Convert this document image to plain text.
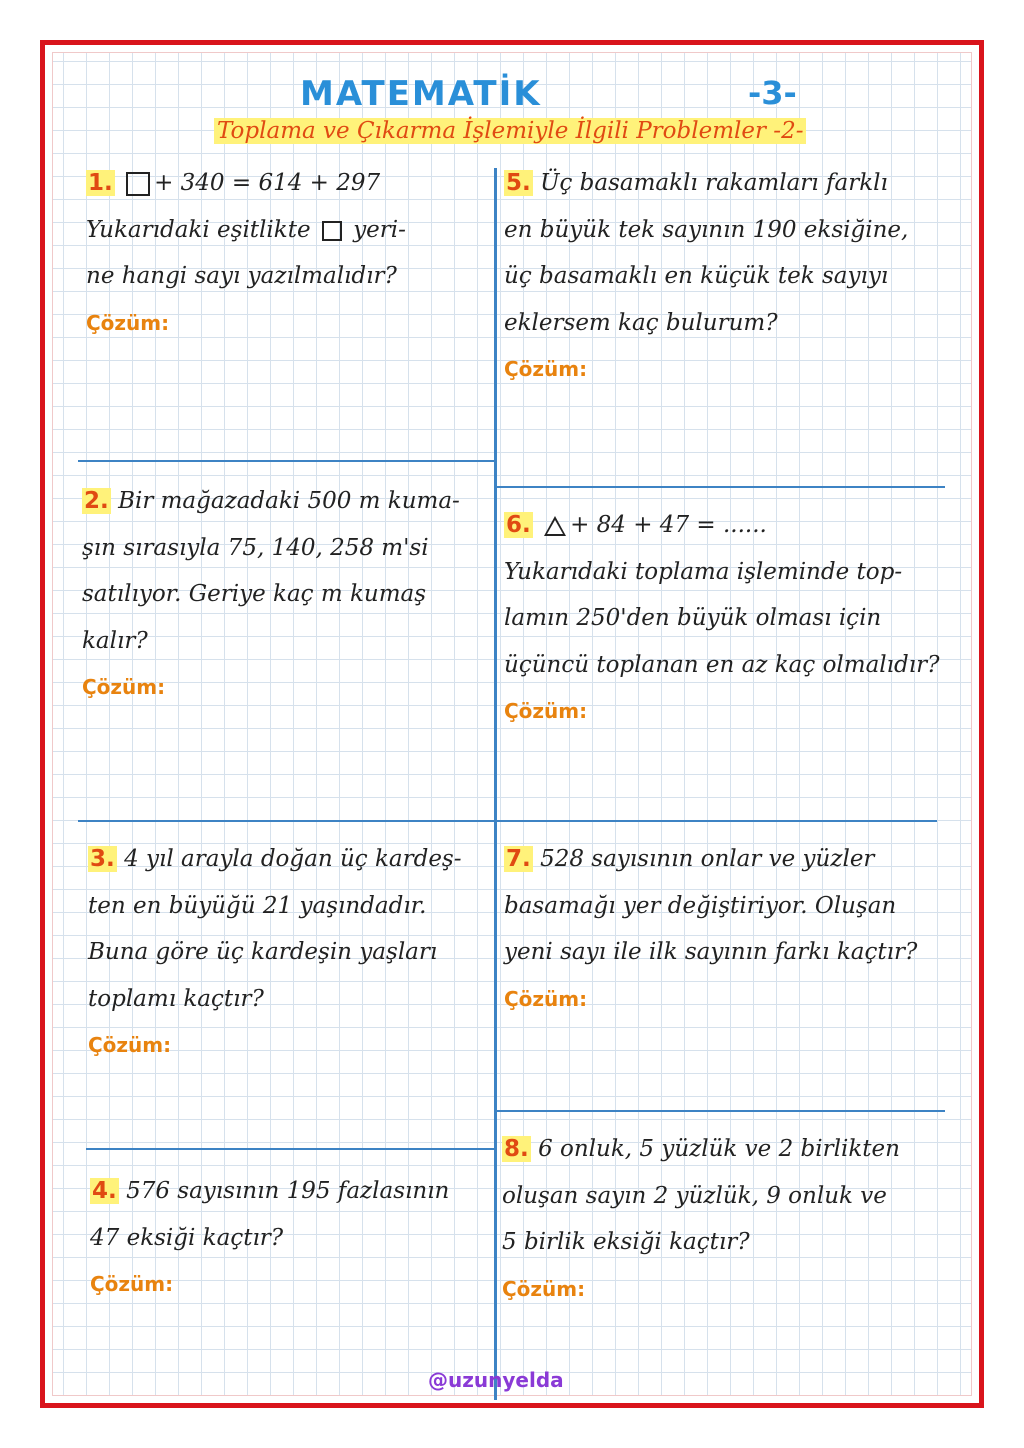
MATEMATİK	-3-
Toplama ve Çıkarma İşlemiyle İlgili Problemler -2-

1. + 340 = 614 + 297

Yukarıdaki eşitlikte yeri-

ne hangi sayı yazılmalıdır?

Çözüm:

2. Bir mağazadaki 500 m kuma-

şın sırasıyla 75, 140, 258 m'si

satılıyor. Geriye kaç m kumaş

kalır?

Çözüm:

3. 4 yıl arayla doğan üç kardeş-

ten en büyüğü 21 yaşındadır.

Buna göre üç kardeşin yaşları

toplamı kaçtır?

Çözüm:

4. 576 sayısının 195 fazlasının

47 eksiği kaçtır?

Çözüm:

5. Üç basamaklı rakamları farklı

en büyük tek sayının 190 eksiğine,

üç basamaklı en küçük tek sayıyı

eklersem kaç bulurum?

Çözüm:

6. + 84 + 47 = ......

Yukarıdaki toplama işleminde top-

lamın 250'den büyük olması için

üçüncü toplanan en az kaç olmalıdır?

Çözüm:

7. 528 sayısının onlar ve yüzler

basamağı yer değiştiriyor. Oluşan

yeni sayı ile ilk sayının farkı kaçtır?

Çözüm:

8. 6 onluk, 5 yüzlük ve 2 birlikten

oluşan sayın 2 yüzlük, 9 onluk ve

5 birlik eksiği kaçtır?

Çözüm:

@uzunyelda
